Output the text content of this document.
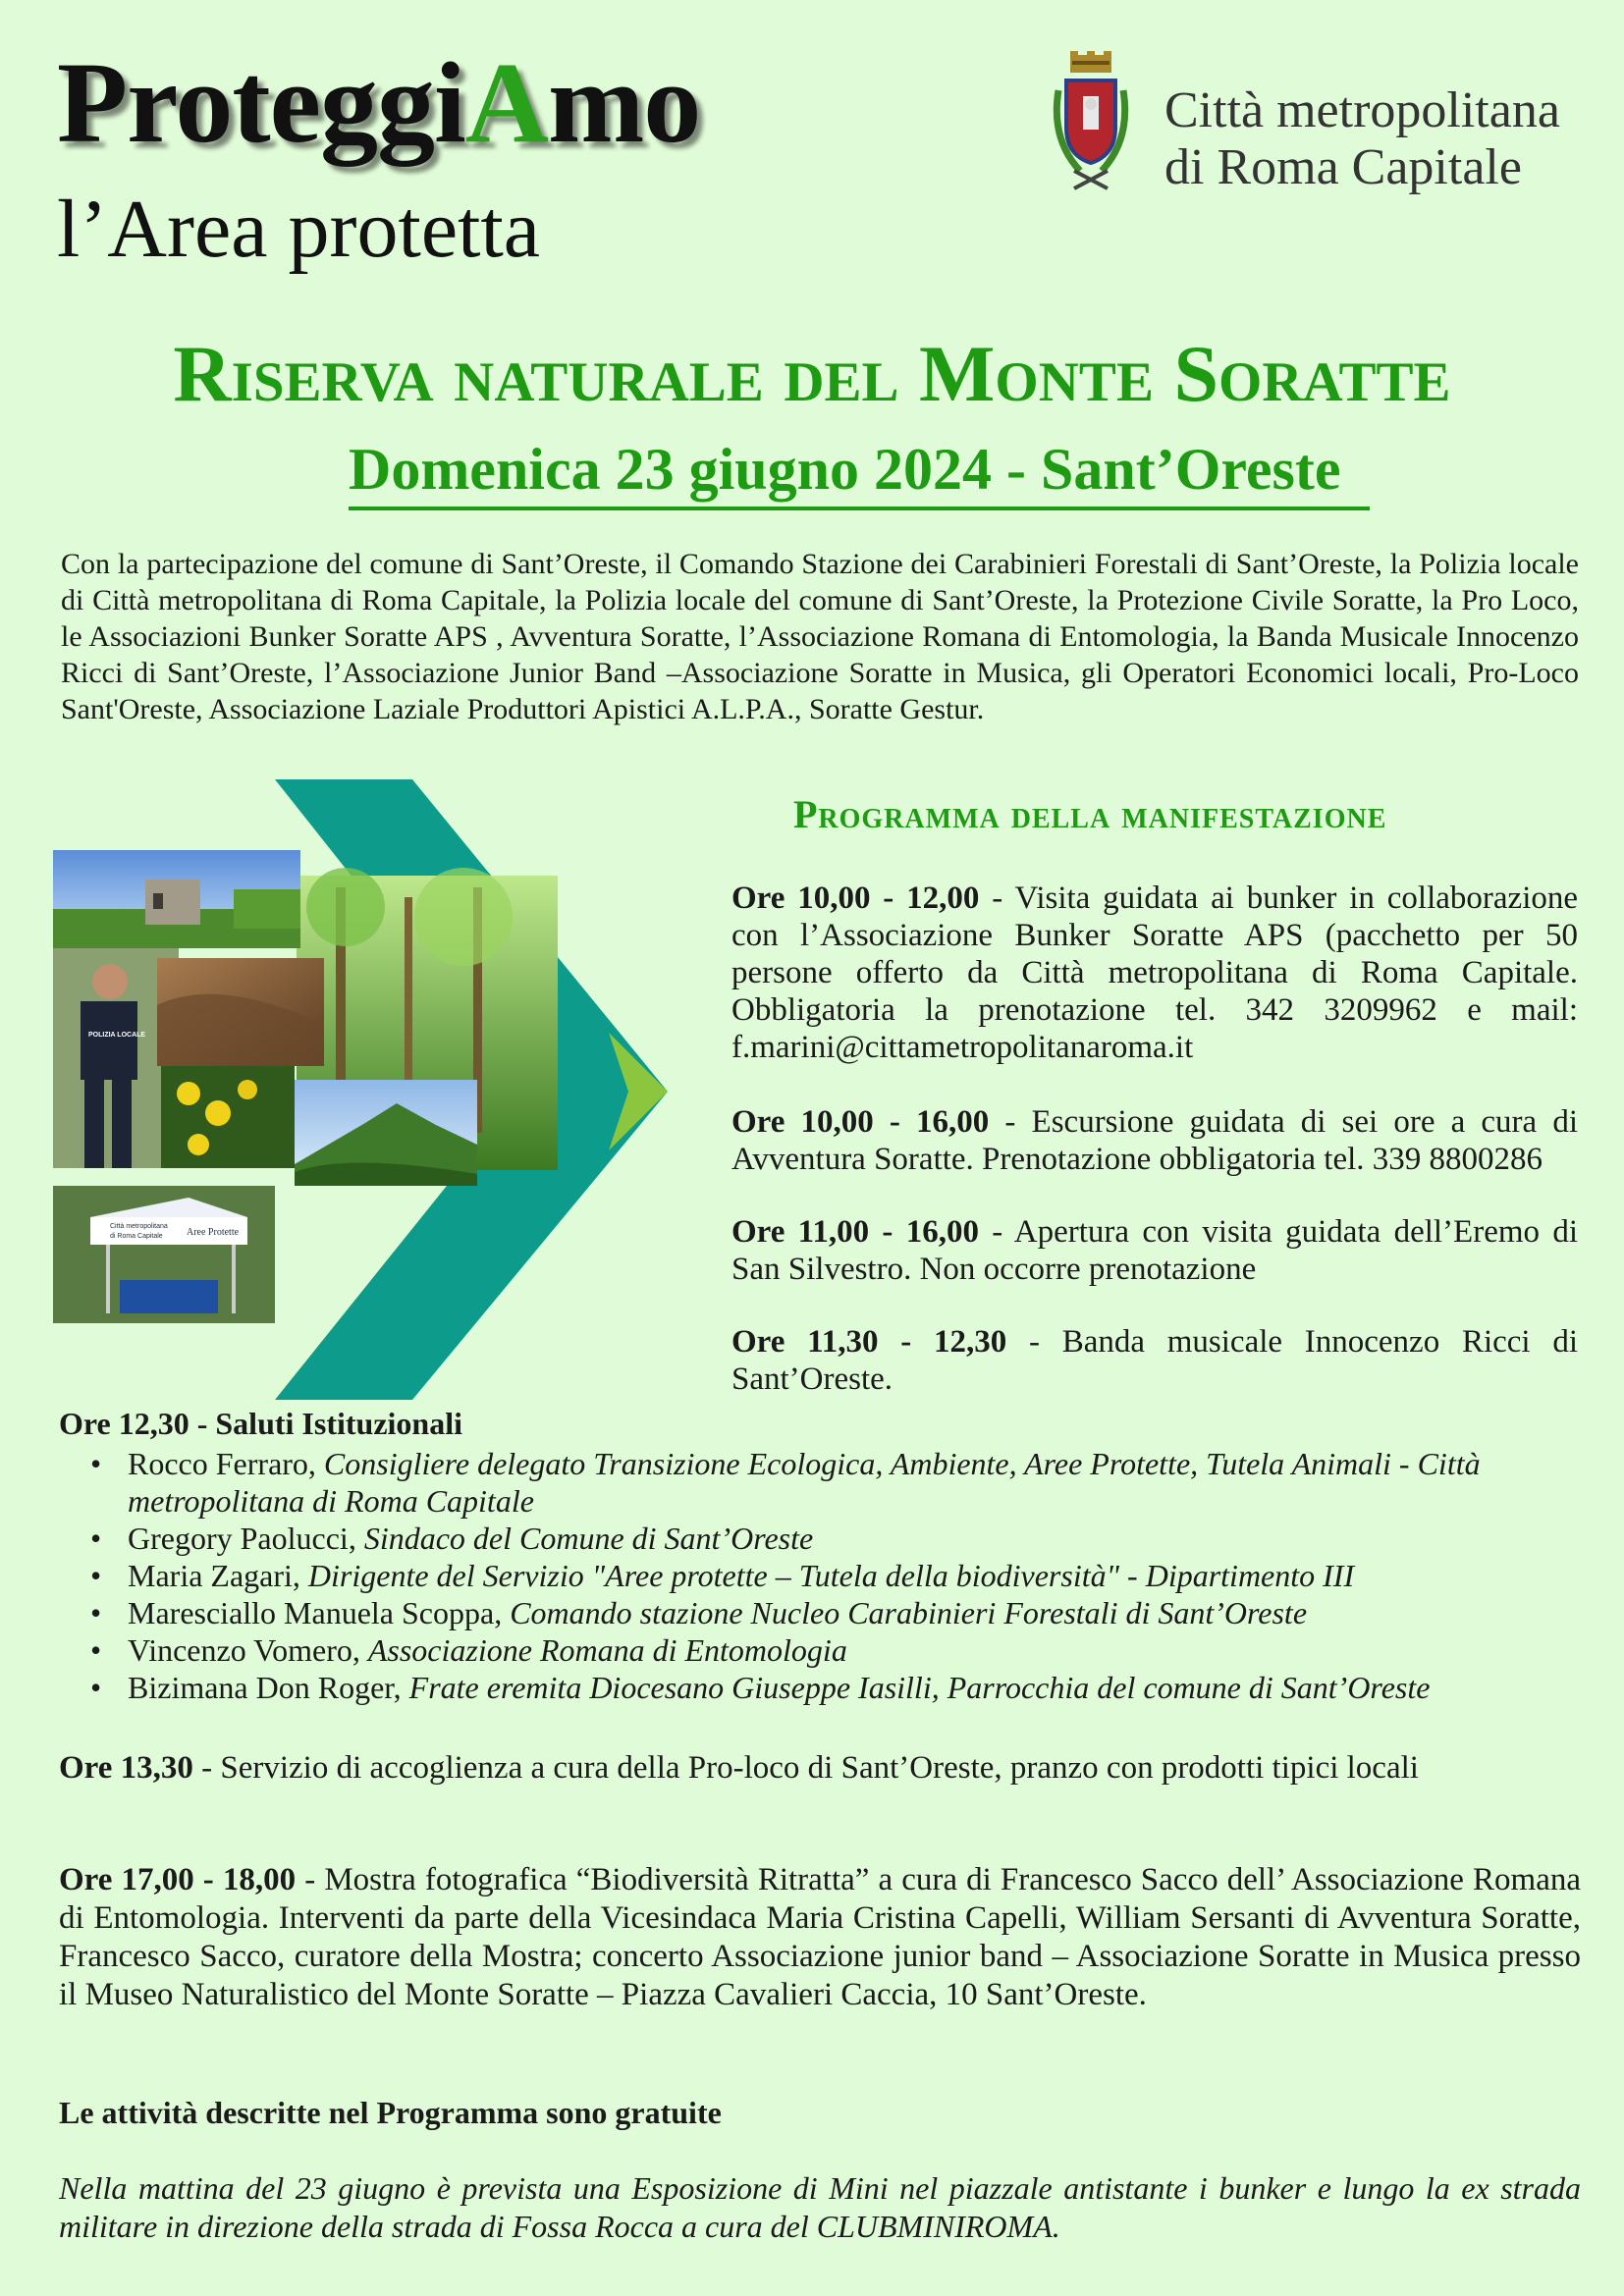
ProteggiAmo
l’Area protetta
Città metropolitana
di Roma Capitale
Riserva naturale del Monte Soratte
Domenica 23 giugno 2024 - Sant’Oreste
Con la partecipazione del comune di Sant’Oreste, il Comando Stazione dei Carabinieri Forestali di Sant’Oreste, la Polizia locale di Città metropolitana di Roma Capitale, la Polizia locale del comune di Sant’Oreste, la Protezione Civile Soratte, la Pro Loco, le Associazioni Bunker Soratte APS , Avventura Soratte, l’Associazione Romana di Entomologia, la Banda Musicale Innocenzo Ricci di Sant’Oreste, l’Associazione Junior Band –Associazione Soratte in Musica, gli Operatori Economici locali, Pro-Loco Sant'Oreste, Associazione Laziale Produttori Apistici A.L.P.A., Soratte Gestur.
POLIZIA LOCALE
Città metropolitana
di Roma Capitale Aree Protette
Programma della manifestazione
Ore 10,00 - 12,00 - Visita guidata ai bunker in collaborazione con l’Associazione Bunker Soratte APS (pacchetto per 50 persone offerto da Città metropolitana di Roma Capitale. Obbligatoria la prenotazione tel. 342 3209962 e mail: f.marini@cittametropolitanaroma.it
Ore 10,00 - 16,00 - Escursione guidata di sei ore a cura di Avventura Soratte. Prenotazione obbligatoria tel. 339 8800286
Ore 11,00 - 16,00 - Apertura con visita guidata dell’Eremo di San Silvestro. Non occorre prenotazione
Ore 11,30 - 12,30 - Banda musicale Innocenzo Ricci di Sant’Oreste.
Ore 12,30 - Saluti Istituzionali
• Rocco Ferraro, Consigliere delegato Transizione Ecologica, Ambiente, Aree Protette, Tutela Animali - Città metropolitana di Roma Capitale
• Gregory Paolucci, Sindaco del Comune di Sant’Oreste
• Maria Zagari, Dirigente del Servizio "Aree protette – Tutela della biodiversità" - Dipartimento III
• Maresciallo Manuela Scoppa, Comando stazione Nucleo Carabinieri Forestali di Sant’Oreste
• Vincenzo Vomero, Associazione Romana di Entomologia
• Bizimana Don Roger, Frate eremita Diocesano Giuseppe Iasilli, Parrocchia del comune di Sant’Oreste
Ore 13,30 - Servizio di accoglienza a cura della Pro-loco di Sant’Oreste, pranzo con prodotti tipici locali
Ore 17,00 - 18,00 - Mostra fotografica “Biodiversità Ritratta” a cura di Francesco Sacco dell’ Associazione Romana di Entomologia. Interventi da parte della Vicesindaca Maria Cristina Capelli, William Sersanti di Avventura Soratte, Francesco Sacco, curatore della Mostra; concerto Associazione junior band – Associazione Soratte in Musica presso il Museo Naturalistico del Monte Soratte – Piazza Cavalieri Caccia, 10 Sant’Oreste.
Le attività descritte nel Programma sono gratuite
Nella mattina del 23 giugno è prevista una Esposizione di Mini nel piazzale antistante i bunker e lungo la ex strada militare in direzione della strada di Fossa Rocca a cura del CLUBMINIROMA.
